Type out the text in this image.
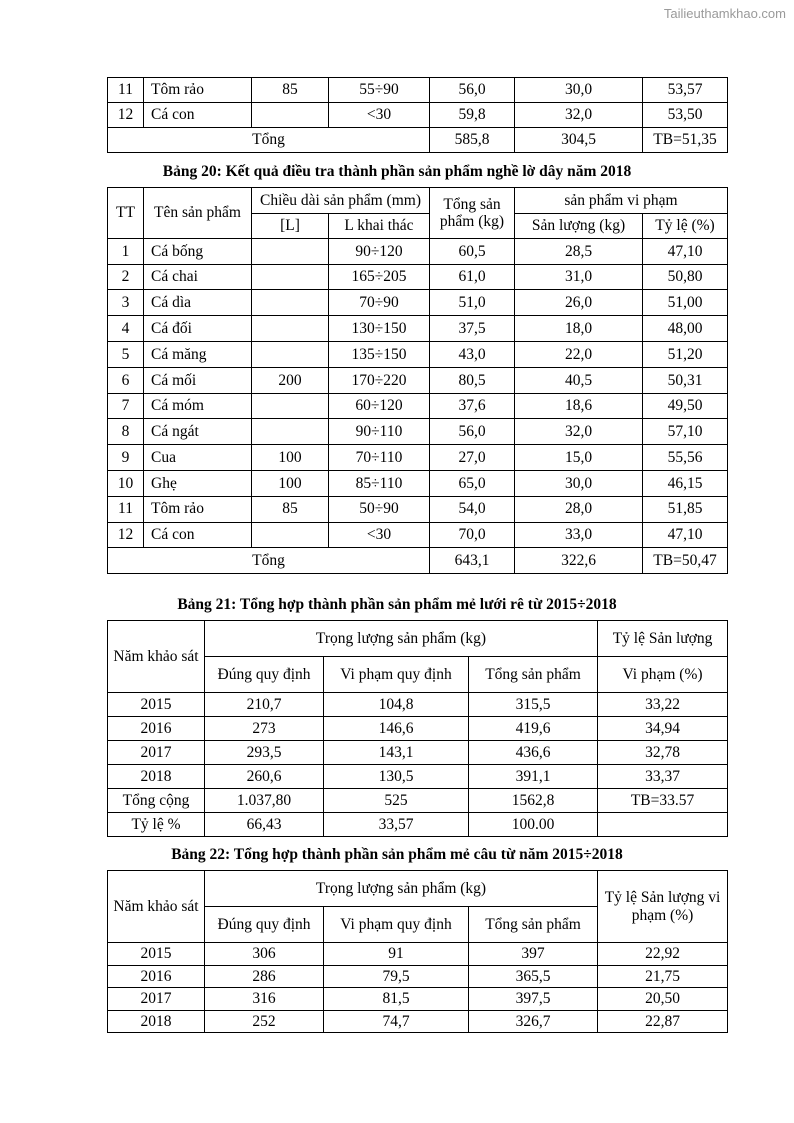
Tailieuthamkhao.com
11	Tôm rảo	85	55÷90	56,0	30,0	53,57
12	Cá con		<30	59,8	32,0	53,50
Tổng				585,8	304,5	TB=51,35
Bảng 20: Kết quả điều tra thành phần sản phẩm nghề lờ dây năm 2018
TT	Tên sản phẩm	Chiều dài sản phẩm (mm)		Tổng sản phẩm (kg)	sản phẩm vi phạm	
		[L]	L khai thác		Sản lượng (kg)	Tỷ lệ (%)
1	Cá bống		90÷120	60,5	28,5	47,10
2	Cá chai		165÷205	61,0	31,0	50,80
3	Cá dìa		70÷90	51,0	26,0	51,00
4	Cá đối		130÷150	37,5	18,0	48,00
5	Cá măng		135÷150	43,0	22,0	51,20
6	Cá mối	200	170÷220	80,5	40,5	50,31
7	Cá móm		60÷120	37,6	18,6	49,50
8	Cá ngát		90÷110	56,0	32,0	57,10
9	Cua	100	70÷110	27,0	15,0	55,56
10	Ghẹ	100	85÷110	65,0	30,0	46,15
11	Tôm rảo	85	50÷90	54,0	28,0	51,85
12	Cá con		<30	70,0	33,0	47,10
Tổng				643,1	322,6	TB=50,47
Bảng 21: Tổng hợp thành phần sản phẩm mẻ lưới rê từ 2015÷2018
Năm khảo sát	Trọng lượng sản phẩm (kg)			Tỷ lệ Sản lượng
	Đúng quy định	Vi phạm quy định	Tổng sản phẩm	Vi phạm (%)
2015	210,7	104,8	315,5	33,22
2016	273	146,6	419,6	34,94
2017	293,5	143,1	436,6	32,78
2018	260,6	130,5	391,1	33,37
Tổng cộng	1.037,80	525	1562,8	TB=33.57
Tỷ lệ %	66,43	33,57	100.00	
Bảng 22: Tổng hợp thành phần sản phẩm mẻ câu từ năm 2015÷2018
Năm khảo sát	Trọng lượng sản phẩm (kg)			Tỷ lệ Sản lượng vi phạm (%)
	Đúng quy định	Vi phạm quy định	Tổng sản phẩm	
2015	306	91	397	22,92
2016	286	79,5	365,5	21,75
2017	316	81,5	397,5	20,50
2018	252	74,7	326,7	22,87
